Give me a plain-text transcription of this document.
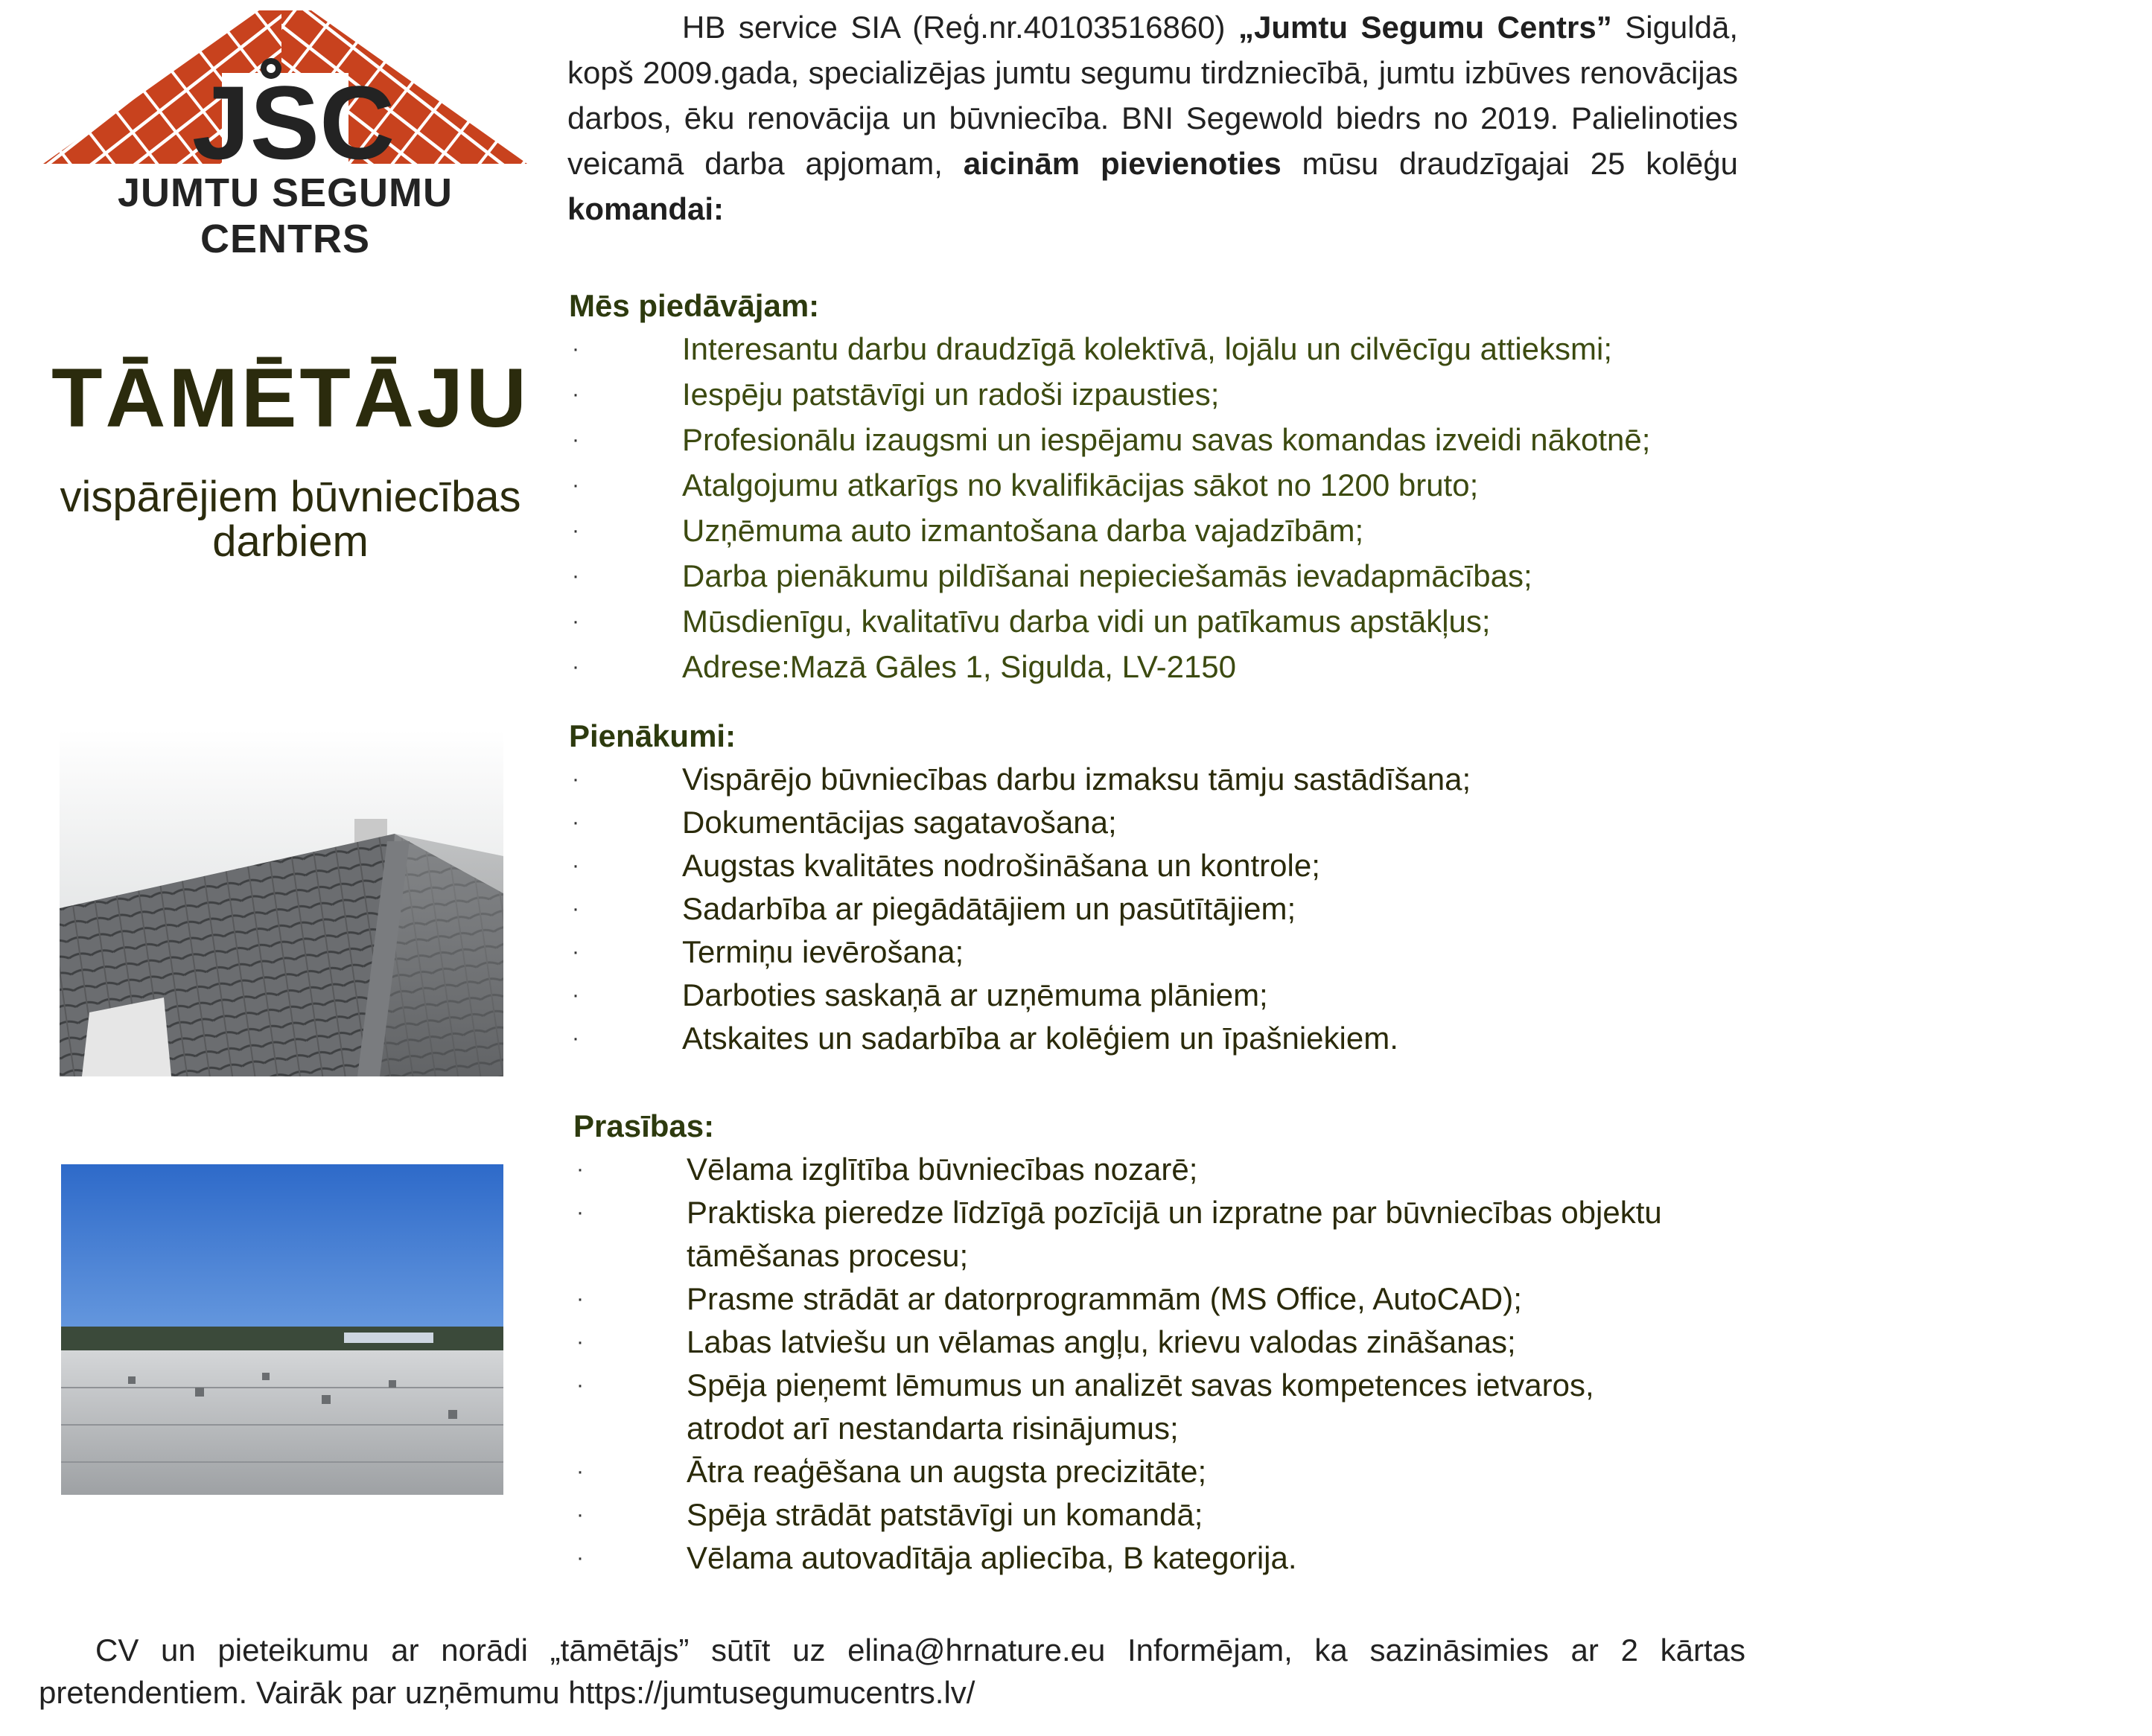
JSC
JUMTU SEGUMU CENTRS
TĀMĒTĀJU
vispārējiem būvniecības
darbiem
HB service SIA (Reģ.nr.40103516860) „Jumtu Segumu Centrs” Siguldā, kopš 2009.gada, specializējas jumtu segumu tirdzniecībā, jumtu izbūves renovācijas darbos, ēku renovācija un būvniecība. BNI Segewold biedrs no 2019. Palielinoties veicamā darba apjomam, aicinām pievienoties mūsu draudzīgajai 25 kolēģu komandai:
Mēs piedāvājam:
·	Interesantu darbu draudzīgā kolektīvā, lojālu un cilvēcīgu attieksmi;
·	Iespēju patstāvīgi un radoši izpausties;
·	Profesionālu izaugsmi un iespējamu savas komandas izveidi nākotnē;
·	Atalgojumu atkarīgs no kvalifikācijas sākot no 1200 bruto;
·	Uzņēmuma auto izmantošana darba vajadzībām;
·	Darba pienākumu pildīšanai nepieciešamās ievadapmācības;
·	Mūsdienīgu, kvalitatīvu darba vidi un patīkamus apstākļus;
·	Adrese:Mazā Gāles 1, Sigulda, LV-2150
Pienākumi:
·	Vispārējo būvniecības darbu izmaksu tāmju sastādīšana;
·	Dokumentācijas sagatavošana;
·	Augstas kvalitātes nodrošināšana un kontrole;
·	Sadarbība ar piegādātājiem un pasūtītājiem;
·	Termiņu ievērošana;
·	Darboties saskaņā ar uzņēmuma plāniem;
·	Atskaites un sadarbība ar kolēģiem un īpašniekiem.
Prasības:
·	Vēlama izglītība būvniecības nozarē;
·	Praktiska pieredze līdzīgā pozīcijā un izpratne par būvniecības objektu tāmēšanas procesu;
·	Prasme strādāt ar datorprogrammām (MS Office, AutoCAD);
·	Labas latviešu un vēlamas angļu, krievu valodas zināšanas;
·	Spēja pieņemt lēmumus un analizēt savas kompetences ietvaros, atrodot arī nestandarta risinājumus;
·	Ātra reaģēšana un augsta precizitāte;
·	Spēja strādāt patstāvīgi un komandā;
·	Vēlama autovadītāja apliecība, B kategorija.
CV un pieteikumu ar norādi „tāmētājs” sūtīt uz elina@hrnature.eu Informējam, ka sazināsimies ar 2 kārtas pretendentiem. Vairāk par uzņēmumu https://jumtusegumucentrs.lv/
